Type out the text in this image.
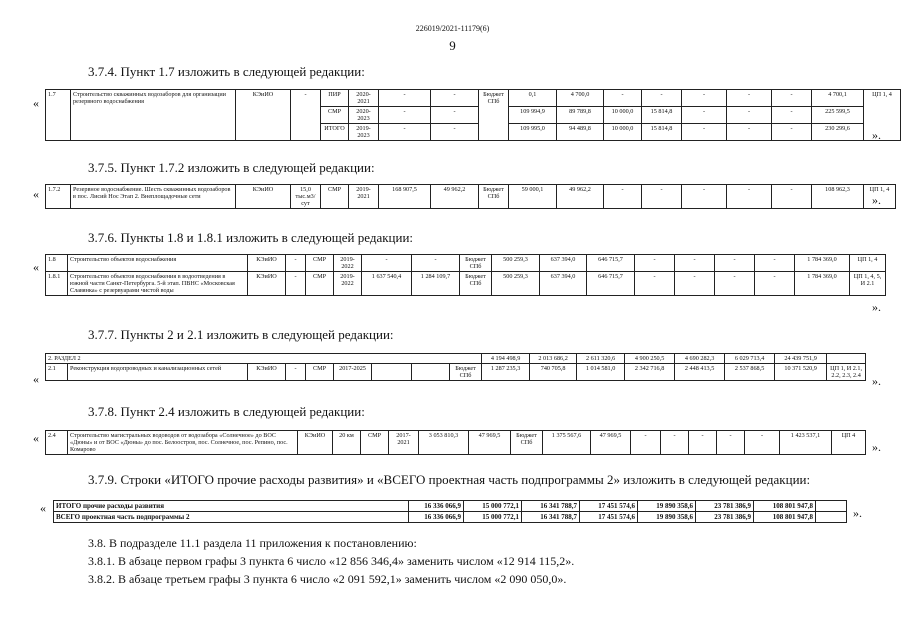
226019/2021-11179(6)
9
3.7.4. Пункт 1.7 изложить в следующей редакции:
«
».
1.7	Строительство скважинных водозаборов для организации резервного водоснабжения	КЭиИО	-	ПИР	2020-2021	-	-	Бюджет СПб	0,1	4 700,0	-	-	-	-	-	4 700,1	ЦП 1, 4
				СМР	2020-2023	-	-		109 994,9	89 789,8	10 000,0	15 814,8	-	-	-	225 599,5	
				ИТОГО	2019-2023	-	-		109 995,0	94 489,8	10 000,0	15 814,8	-	-	-	230 299,6	
3.7.5. Пункт 1.7.2 изложить в следующей редакции:
«	».
1.7.2	Резервное водоснабжение. Шесть скважинных водозаборов в пос. Лисий Нос Этап 2. Внеплощадочные сети	КЭиИО	15,0 тыс.м3/сут	СМР	2019-2021	168 907,5	49 962,2	Бюджет СПб	59 000,1	49 962,2	-	-	-	-	-	108 962,3	ЦП 1, 4
3.7.6. Пункты 1.8 и 1.8.1 изложить в следующей редакции:
«
».
1.8	Строительство объектов водоснабжения	КЭиИО	-	СМР	2019-2022	-	-	Бюджет СПб	500 259,3	637 394,0	646 715,7	-	-	-	-	1 784 369,0	ЦП 1, 4
1.8.1	Строительство объектов водоснабжения в водоотведения в южной части Санкт-Петербурга. 5-й этап. ПВНС «Московская Славянка» с резервуарами чистой воды	КЭиИО	-	СМР	2019-2022	1 637 540,4	1 284 109,7	Бюджет СПб	500 259,3	637 394,0	646 715,7	-	-	-	-	1 784 369,0	ЦП 1, 4, 5, И 2.1
3.7.7. Пункты 2 и 2.1 изложить в следующей редакции:
«	».
2. РАЗДЕЛ 2									4 194 498,9	2 013 686,2	2 611 320,6	4 900 250,5	4 690 282,3	6 029 713,4	24 439 751,9	
2.1	Реконструкция водопроводных и канализационных сетей	КЭиИО	-	СМР	2017-2025			Бюджет СПб	1 287 235,3	740 705,8	1 014 581,0	2 342 716,8	2 448 413,5	2 537 868,5	10 371 520,9	ЦП 1, И 2.1, 2.2, 2.3, 2.4
3.7.8. Пункт 2.4 изложить в следующей редакции:
«
».
2.4	Строительство магистральных водоводов от водозабора «Солнечное» до ВОС «Дюны» и от ВОС «Дюны» до пос. Белоостров, пос. Солнечное, пос. Репино, пос. Комарово	КЭиИО	20 км	СМР	2017-2021	3 053 810,3	47 969,5	Бюджет СПб	1 375 567,6	47 969,5	-	-	-	-	-	1 423 537,1	ЦП 4
3.7.9. Строки «ИТОГО прочие расходы развития» и «ВСЕГО проектная часть подпрограммы 2» изложить в следующей редакции:
«	».
ИТОГО прочие расходы развития	16 336 066,9	15 000 772,1	16 341 788,7	17 451 574,6	19 890 358,6	23 781 386,9	108 801 947,8	
ВСЕГО проектная часть подпрограммы 2	16 336 066,9	15 000 772,1	16 341 788,7	17 451 574,6	19 890 358,6	23 781 386,9	108 801 947,8	
3.8. В подразделе 11.1 раздела 11 приложения к постановлению:
3.8.1. В абзаце первом графы 3 пункта 6 число «12 856 346,4» заменить числом «12 914 115,2».
3.8.2. В абзаце третьем графы 3 пункта 6 число «2 091 592,1» заменить числом «2 090 050,0».
